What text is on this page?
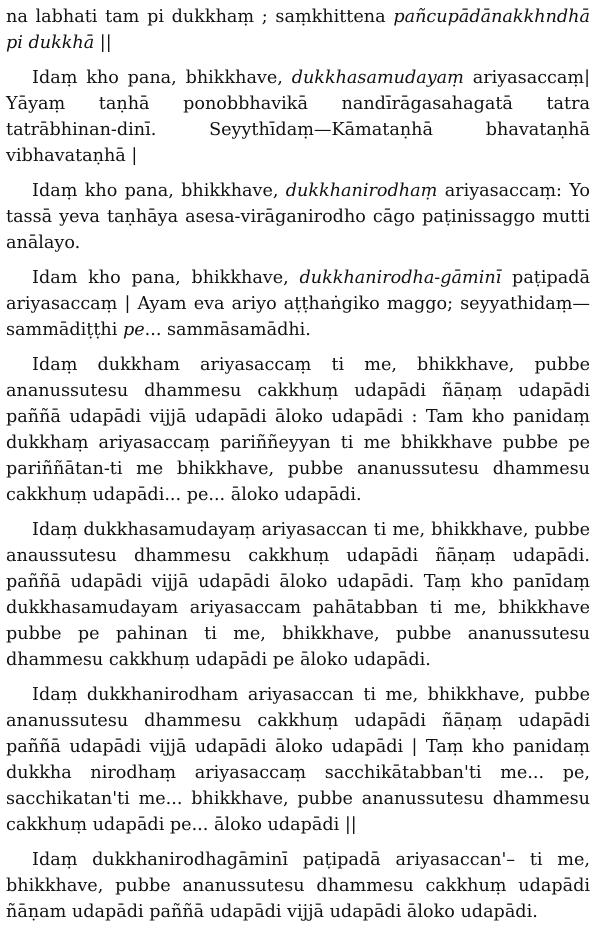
na labhati tam pi dukkhaṃ ; saṃkhittena pañcupādānakkhndhā pi dukkhā ||

Idaṃ kho pana, bhikkhave, dukkhasamudayaṃ ariyasaccaṃ| Yāyaṃ taṇhā ponobbhavikā nandīrāgasahagatā tatra tatrābhinan-dinī. Seyythīdaṃ—Kāmataṇhā bhavataṇhā vibhavataṇhā |

Idaṃ kho pana, bhikkhave, dukkhanirodhaṃ ariyasaccaṃ: Yo tassā yeva taṇhāya asesa-virāganirodho cāgo paṭinissaggo mutti anālayo.

Idam kho pana, bhikkhave, dukkhanirodha-gāminī paṭipadā ariyasaccaṃ | Ayam eva ariyo aṭṭhaṅgiko maggo; seyyathidaṃ—sammādiṭṭhi pe... sammāsamādhi.

Idaṃ dukkham ariyasaccaṃ ti me, bhikkhave, pubbe ananussutesu dhammesu cakkhuṃ udapādi ñāṇaṃ udapādi paññā udapādi vijjā udapādi āloko udapādi : Tam kho panidaṃ dukkhaṃ ariyasaccaṃ pariññeyyan ti me bhikkhave pubbe pe pariññātan-ti me bhikkhave, pubbe ananussutesu dhammesu cakkhuṃ udapādi... pe... āloko udapādi.

Idaṃ dukkhasamudayaṃ ariyasaccan ti me, bhikkhave, pubbe anaussutesu dhammesu cakkhuṃ udapādi ñāṇaṃ udapādi. paññā udapādi vijjā udapādi āloko udapādi. Taṃ kho panīdaṃ dukkhasamudayam ariyasaccam pahātabban ti me, bhikkhave pubbe pe pahinan ti me, bhikkhave, pubbe ananussutesu dhammesu cakkhuṃ udapādi pe āloko udapādi.

Idaṃ dukkhanirodham ariyasaccan ti me, bhikkhave, pubbe ananussutesu dhammesu cakkhuṃ udapādi ñāṇaṃ udapādi paññā udapādi vijjā udapādi āloko udapādi | Taṃ kho panidaṃ dukkha nirodhaṃ ariyasaccaṃ sacchikātabban'ti me... pe, sacchikatan'ti me... bhikkhave, pubbe ananussutesu dhammesu cakkhuṃ udapādi pe... āloko udapādi ||

Idaṃ dukkhanirodhagāminī paṭipadā ariyasaccan'– ti me, bhikkhave, pubbe ananussutesu dhammesu cakkhuṃ udapādi ñāṇam udapādi paññā udapādi vijjā udapādi āloko udapādi.
